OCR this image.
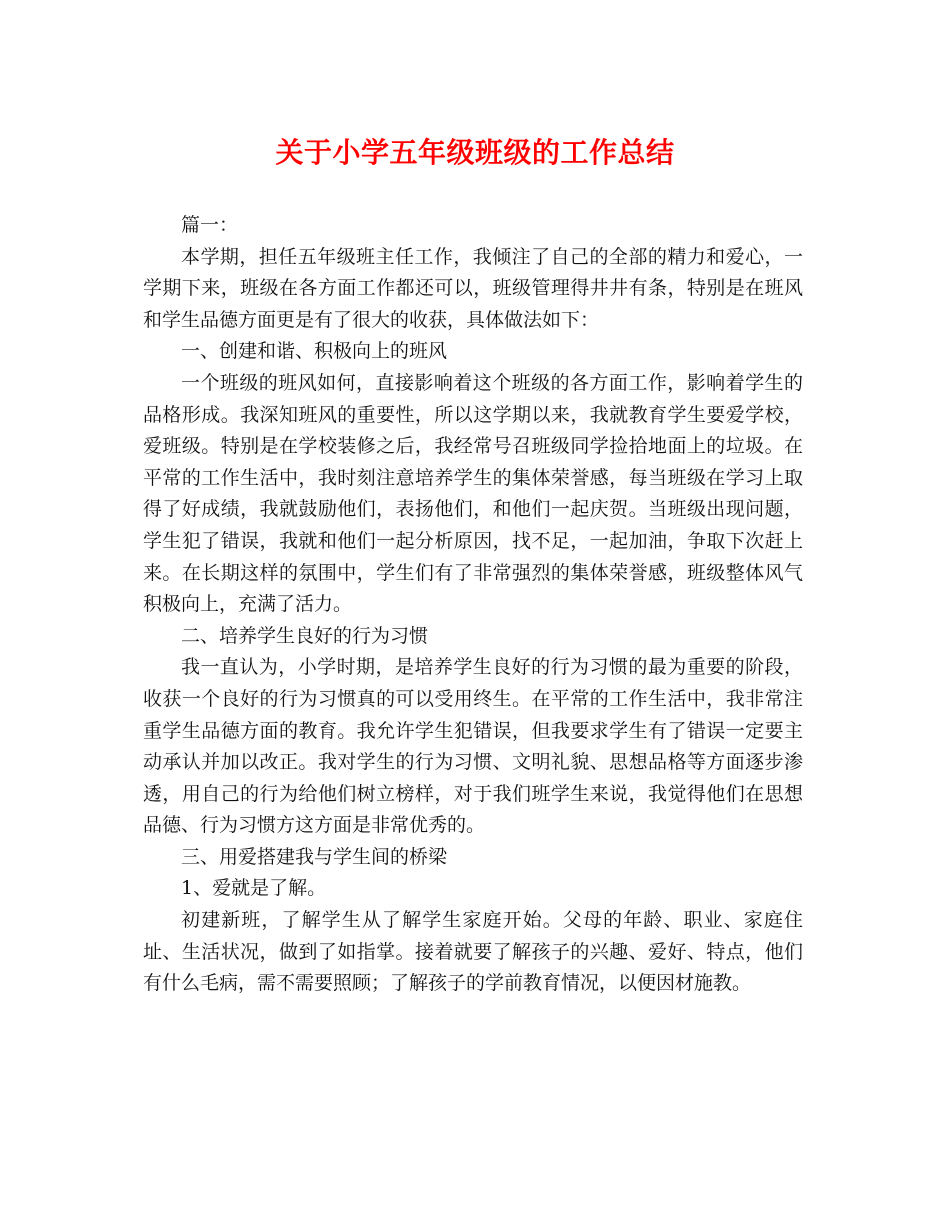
关于小学五年级班级的工作总结

篇一：

本学期，担任五年级班主任工作，我倾注了自己的全部的精力和爱心，一学期下来，班级在各方面工作都还可以，班级管理得井井有条，特别是在班风和学生品德方面更是有了很大的收获，具体做法如下：

一、创建和谐、积极向上的班风

一个班级的班风如何，直接影响着这个班级的各方面工作，影响着学生的品格形成。我深知班风的重要性，所以这学期以来，我就教育学生要爱学校，爱班级。特别是在学校装修之后，我经常号召班级同学捡拾地面上的垃圾。在平常的工作生活中，我时刻注意培养学生的集体荣誉感，每当班级在学习上取得了好成绩，我就鼓励他们，表扬他们，和他们一起庆贺。当班级出现问题，学生犯了错误，我就和他们一起分析原因，找不足，一起加油，争取下次赶上来。在长期这样的氛围中，学生们有了非常强烈的集体荣誉感，班级整体风气积极向上，充满了活力。

二、培养学生良好的行为习惯

我一直认为，小学时期，是培养学生良好的行为习惯的最为重要的阶段，收获一个良好的行为习惯真的可以受用终生。在平常的工作生活中，我非常注重学生品德方面的教育。我允许学生犯错误，但我要求学生有了错误一定要主动承认并加以改正。我对学生的行为习惯、文明礼貌、思想品格等方面逐步渗透，用自己的行为给他们树立榜样，对于我们班学生来说，我觉得他们在思想品德、行为习惯方这方面是非常优秀的。

三、用爱搭建我与学生间的桥梁

1、爱就是了解。

初建新班，了解学生从了解学生家庭开始。父母的年龄、职业、家庭住址、生活状况，做到了如指掌。接着就要了解孩子的兴趣、爱好、特点，他们有什么毛病，需不需要照顾；了解孩子的学前教育情况，以便因材施教。
